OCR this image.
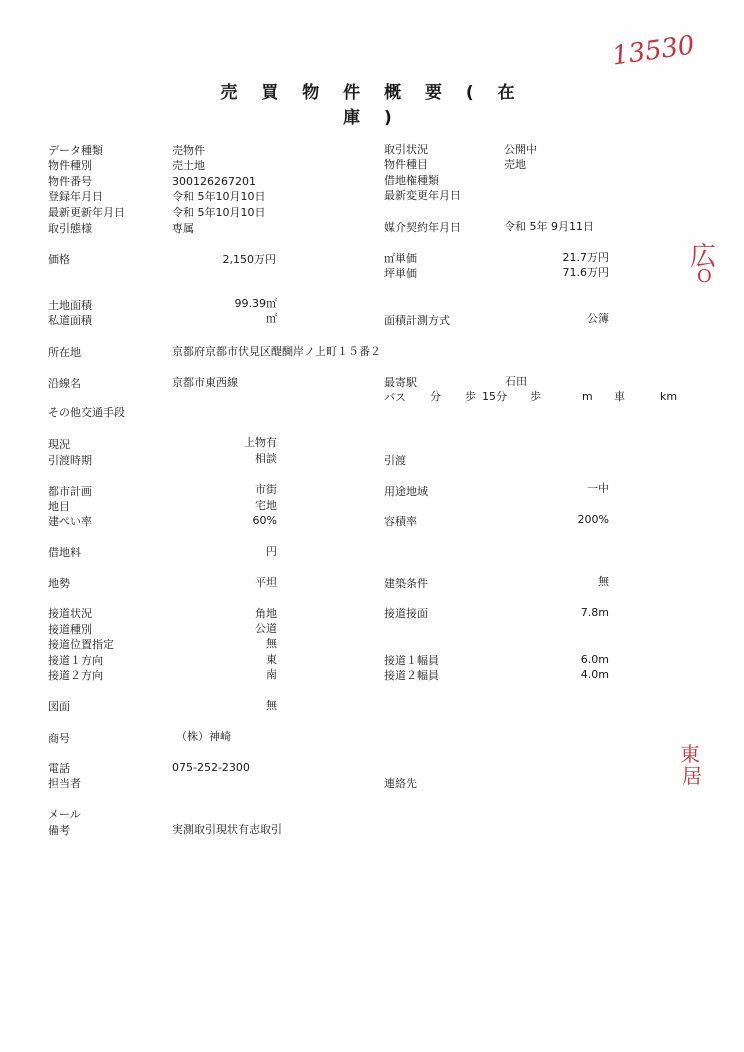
13530
広
O
東
居
売 買 物 件 概 要 ( 在 庫 )
データ種類	売物件
物件種別	売土地
物件番号	300126267201
登録年月日	令和 5年10月10日
最新更新年月日	令和 5年10月10日
取引態様	専属
価格	2,150万円
土地面積	99.39㎡
私道面積	㎡
所在地	京都府京都市伏見区醍醐岸ノ上町１５番２
沿線名	京都市東西線
その他交通手段
現況	上物有
引渡時期	相談
都市計画	市街
地目	宅地
建ぺい率	60%
借地料	円
地勢	平坦
接道状況	角地
接道種別	公道
接道位置指定	無
接道１方向	東
接道２方向	南
図面	無
商号	（株）神崎
電話	075-252-2300
担当者
メール
備考	実測取引現状有志取引
取引状況	公開中
物件種目	売地
借地権種類
最新変更年月日
媒介契約年月日	令和 5年 9月11日
㎡単価	21.7万円
坪単価	71.6万円
面積計測方式	公簿
最寄駅	石田
バス 分 歩 15分 歩	m 車	km
引渡
用途地域	一中
容積率	200%
建築条件	無
接道接面	7.8m
接道１幅員	6.0m
接道２幅員	4.0m
連絡先
